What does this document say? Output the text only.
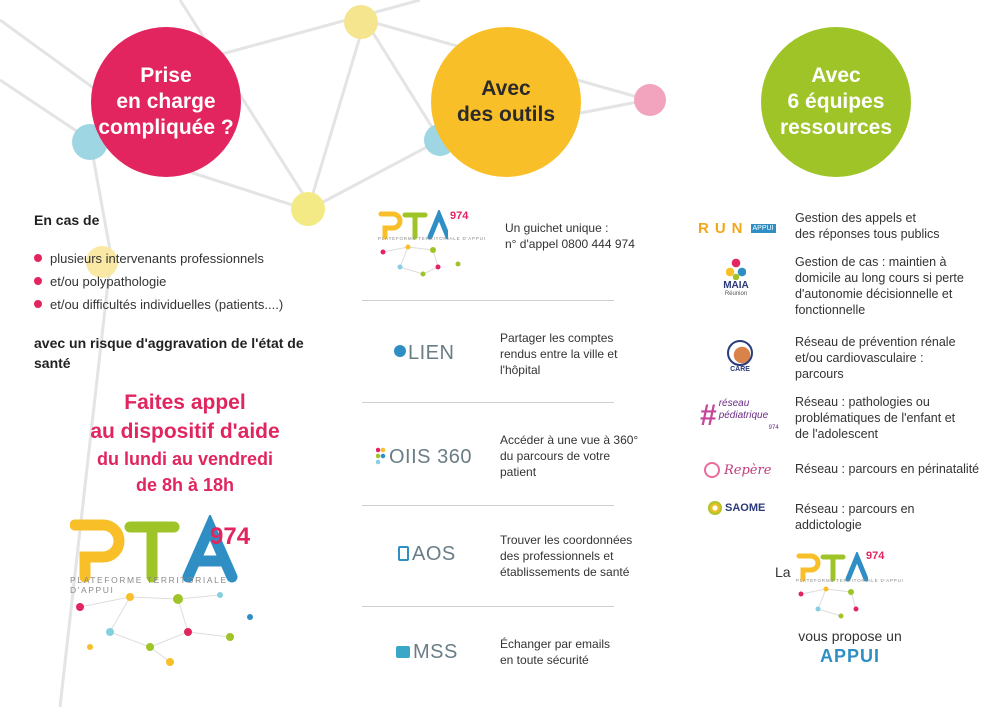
Prise
en charge
compliquée ?
Avec
des outils
Avec
6 équipes
ressources
En cas de
plusieurs intervenants professionnels
et/ou polypathologie
et/ou difficultés individuelles (patients....)
avec un risque d'aggravation de l'état de santé
Faites appel
au dispositif d'aide
du lundi au vendredi
de 8h à 18h
974
PLATEFORME TERRITORIALE D'APPUI
974
PLATEFORME TERRITORIALE D'APPUI
Un guichet unique :
n° d'appel 0800 444 974
LIEN
Partager les comptes
rendus entre la ville et
l'hôpital
OIIS 360
Accéder à une vue à 360°
du parcours de votre
patient
AOS
Trouver les coordonnées
des professionnels et
établissements de santé
MSS	Échanger par emails
en toute sécurité
RUN APPUI
Gestion des appels et
des réponses tous publics
MAIA
Réunion
Gestion de cas : maintien à
domicile au long cours si perte
d'autonomie décisionnelle et
fonctionnelle
CARE
Réseau de prévention rénale
et/ou cardiovasculaire :
parcours
# réseau pédiatrique
974
Réseau : pathologies ou
problématiques de l'enfant et
de l'adolescent
Repère Réseau : parcours en périnatalité
SAOME Réseau : parcours en addictologie
La
974
PLATEFORME TERRITORIALE D'APPUI
vous propose un
APPUI
